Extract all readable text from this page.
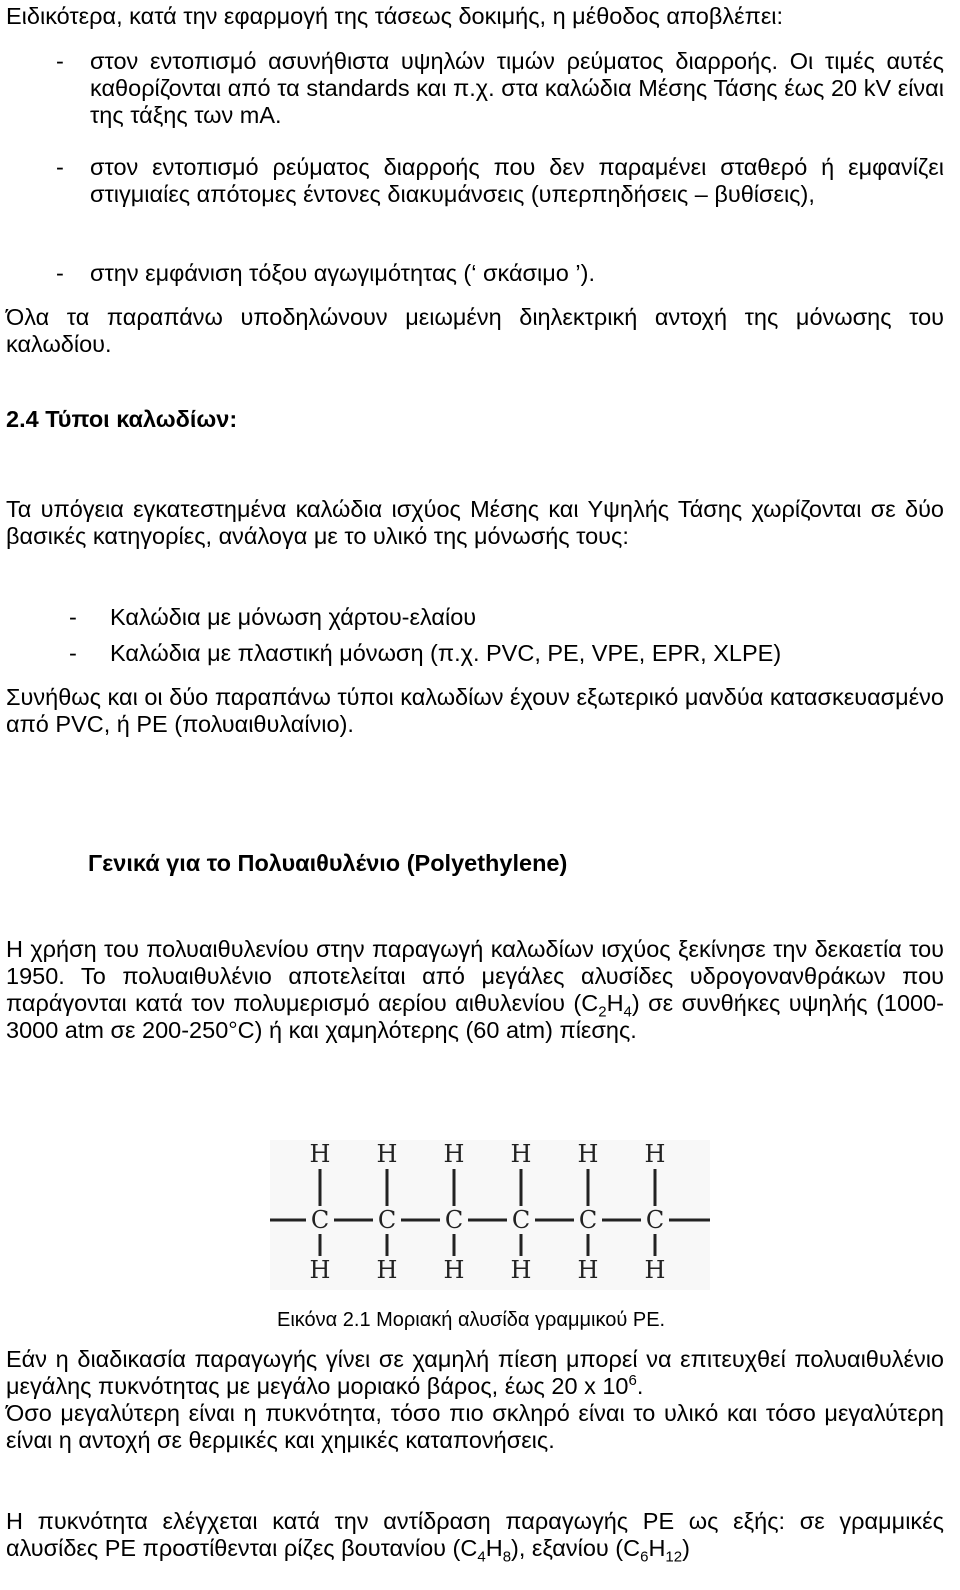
Ειδικότερα, κατά την εφαρμογή της τάσεως δοκιμής, η μέθοδος αποβλέπει:

- στον εντοπισμό ασυνήθιστα υψηλών τιμών ρεύματος διαρροής. Οι τιμές αυτές καθορίζονται από τα standards και π.χ. στα καλώδια Μέσης Τάσης έως 20 kV είναι της τάξης των mA.

- στον εντοπισμό ρεύματος διαρροής που δεν παραμένει σταθερό ή εμφανίζει στιγμιαίες απότομες έντονες διακυμάνσεις (υπερπηδήσεις – βυθίσεις),

- στην εμφάνιση τόξου αγωγιμότητας (‘ σκάσιμο ’).

Όλα τα παραπάνω υποδηλώνουν μειωμένη διηλεκτρική αντοχή της μόνωσης του καλωδίου.

2.4 Τύποι καλωδίων:

Τα υπόγεια εγκατεστημένα καλώδια ισχύος Μέσης και Υψηλής Τάσης χωρίζονται σε δύο βασικές κατηγορίες, ανάλογα με το υλικό της μόνωσής τους:

- Καλώδια με μόνωση χάρτου-ελαίου
- Καλώδια με πλαστική μόνωση (π.χ. PVC, PE, VPE, EPR, XLPE)

Συνήθως και οι δύο παραπάνω τύποι καλωδίων έχουν εξωτερικό μανδύα κατασκευασμένο από PVC, ή PE (πολυαιθυλαίνιο).

Γενικά για το Πολυαιθυλένιο (Polyethylene)

Η χρήση του πολυαιθυλενίου στην παραγωγή καλωδίων ισχύος ξεκίνησε την δεκαετία του 1950. Το πολυαιθυλένιο αποτελείται από μεγάλες αλυσίδες υδρογονανθράκων που παράγονται κατά τον πολυμερισμό αερίου αιθυλενίου $(C_2H_4)$ σε συνθήκες υψηλής (1000-3000 atm σε 200-250°C) ή και χαμηλότερης (60 atm) πίεσης.

H
C
H
H
C
H
H
C
H
H
C
H
H
C
H
H
C
H
Εικόνα 2.1 Μοριακή αλυσίδα γραμμικού PE.

Εάν η διαδικασία παραγωγής γίνει σε χαμηλή πίεση μπορεί να επιτευχθεί πολυαιθυλένιο μεγάλης πυκνότητας με μεγάλο μοριακό βάρος, έως 20 x $10^6$.

Όσο μεγαλύτερη είναι η πυκνότητα, τόσο πιο σκληρό είναι το υλικό και τόσο μεγαλύτερη είναι η αντοχή σε θερμικές και χημικές καταπονήσεις.

Η πυκνότητα ελέγχεται κατά την αντίδραση παραγωγής PE ως εξής: σε γραμμικές αλυσίδες PE προστίθενται ρίζες βουτανίου $(C_4H_8)$, εξανίου $(C_6H_{12})$
